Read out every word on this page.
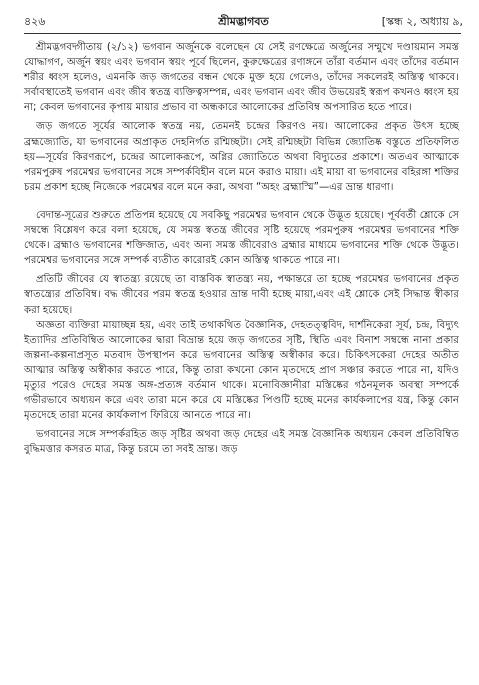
৪২৬	শ্রীমদ্ভাগবত	[স্কন্ধ ২, অধ্যায় ৯,

শ্রীমদ্ভগবদ্গীতায় (২/১২) ভগবান অর্জুনকে বলেছেন যে সেই রণক্ষেত্রে অর্জুনের সম্মুখে দণ্ডায়মান সমস্ত যোদ্ধাগণ, অর্জুন স্বয়ং এবং ভগবান স্বয়ং পূর্বে ছিলেন, কুরুক্ষেত্রের রণাঙ্গনে তাঁরা বর্তমান এবং তাঁদের বর্তমান শরীর ধ্বংস হলেও, এমনকি জড় জগতের বন্ধন থেকে মুক্ত হয়ে গেলেও, তাঁদের সকলেরই অস্তিত্ব থাকবে। সর্বাবস্থাতেই ভগবান এবং জীব স্বতন্ত্র ব্যক্তিত্বসম্পন্ন, এবং ভগবান এবং জীব উভয়েরই স্বরূপ কখনও ধ্বংস হয় না; কেবল ভগবানের কৃপায় মায়ার প্রভাব বা অন্ধকারে আলোকের প্রতিবিম্ব অপসারিত হতে পারে।

জড় জগতে সূর্যের আলোক স্বতন্ত্র নয়, তেমনই চন্দ্রের কিরণও নয়। আলোকের প্রকৃত উৎস হচ্ছে ব্রহ্মজ্যোতি, যা ভগবানের অপ্রাকৃত দেহনির্গত রশ্মিচ্ছটা। সেই রশ্মিচ্ছটা বিভিন্ন জ্যোতিষ্ক বস্তুতে প্রতিফলিত হয়—সূর্যের কিরণরূপে, চন্দ্রের আলোকরূপে, অগ্নির জ্যোতিতে অথবা বিদ্যুতের প্রকাশে। অতএব আত্মাকে পরমপুরুষ পরমেশ্বর ভগবানের সঙ্গে সম্পর্কবিহীন বলে মনে করাও মায়া। এই মায়া বা ভগবানের বহিরঙ্গা শক্তির চরম প্রকাশ হচ্ছে নিজেকে পরমেশ্বর বলে মনে করা, অথবা “অহং ব্রহ্মাস্মি”—এর ভ্রান্ত ধারণা।

বেদান্ত-সূত্রের শুরুতে প্রতিপন্ন হয়েছে যে সবকিছু পরমেশ্বর ভগবান থেকে উদ্ভূত হয়েছে। পূর্ববর্তী শ্লোকে সে সম্বন্ধে বিশ্লেষণ করে বলা হয়েছে, যে সমস্ত স্বতন্ত্র জীবের সৃষ্টি হয়েছে পরমপুরুষ পরমেশ্বর ভগবানের শক্তি থেকে। ব্রহ্মাও ভগবানের শক্তিজাত, এবং অন্য সমস্ত জীবেরাও ব্রহ্মার মাধ্যমে ভগবানের শক্তি থেকে উদ্ভূত। পরমেশ্বর ভগবানের সঙ্গে সম্পর্ক ব্যতীত কারোরই কোন অস্তিত্ব থাকতে পারে না।

প্রতিটি জীবের যে স্বাতন্ত্র্য রয়েছে তা বাস্তবিক স্বাতন্ত্র্য নয়, পক্ষান্তরে তা হচ্ছে পরমেশ্বর ভগবানের প্রকৃত স্বাতন্ত্র্যের প্রতিবিম্ব। বদ্ধ জীবের পরম স্বতন্ত্র হওয়ার ভ্রান্ত দাবী হচ্ছে মায়া,এবং এই শ্লোকে সেই সিদ্ধান্ত স্বীকার করা হয়েছে।

অজ্ঞতা ব্যক্তিরা মায়াচ্ছন্ন হয়, এবং তাই তথাকথিত বৈজ্ঞানিক, দেহতত্ত্ববিদ, দার্শনিকেরা সূর্য, চন্দ্র, বিদ্যুৎ ইত্যাদির প্রতিবিম্বিত আলোকের দ্বারা বিভ্রান্ত হয়ে জড় জগতের সৃষ্টি, স্থিতি এবং বিনাশ সম্বন্ধে নানা প্রকার জল্পনা-কল্পনাপ্রসূত মতবাদ উপস্থাপন করে ভগবানের অস্তিত্ব অস্বীকার করে। চিকিৎসকেরা দেহের অতীত আত্মার অস্তিত্ব অস্বীকার করতে পারে, কিন্তু তারা কখনো কোন মৃতদেহে প্রাণ সঞ্চার করতে পারে না, যদিও মৃত্যুর পরেও দেহের সমস্ত অঙ্গ-প্রত্যঙ্গ বর্তমান থাকে। মনোবিজ্ঞানীরা মস্তিষ্কের গঠনমূলক অবস্থা সম্পর্কে গভীরভাবে অধ্যয়ন করে এবং তারা মনে করে যে মস্তিষ্কের পিণ্ডটি হচ্ছে মনের কার্যকলাপের যন্ত্র, কিন্তু কোন মৃতদেহে তারা মনের কার্যকলাপ ফিরিয়ে আনতে পারে না।

ভগবানের সঙ্গে সম্পর্করহিত জড় সৃষ্টির অথবা জড় দেহের এই সমস্ত বৈজ্ঞানিক অধ্যয়ন কেবল প্রতিবিম্বিত বুদ্ধিমত্তার কসরত মাত্র, কিন্তু চরমে তা সবই ভ্রান্ত। জড়
